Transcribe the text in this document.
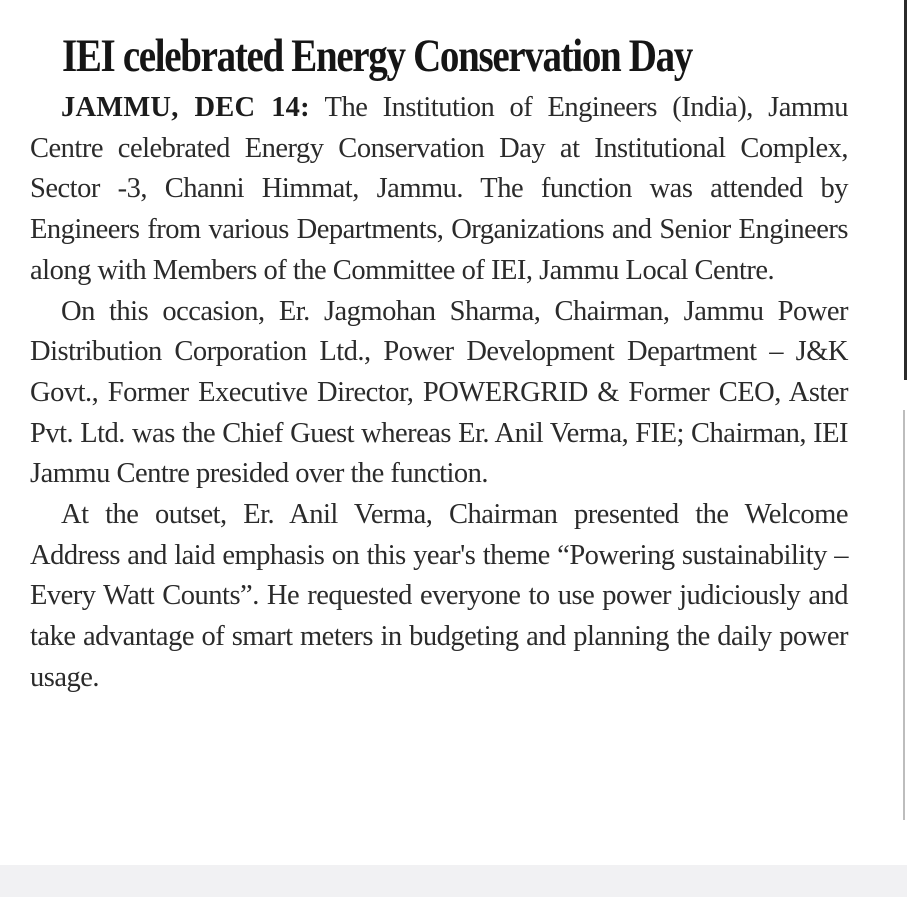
IEI celebrated Energy Conservation Day

JAMMU, DEC 14: The Institution of Engineers (India), Jammu Centre celebrated Energy Conservation Day at Institutional Complex, Sector -3, Channi Himmat, Jammu. The function was attended by Engineers from various Departments, Organizations and Senior Engineers along with Members of the Committee of IEI, Jammu Local Centre.

On this occasion, Er. Jagmohan Sharma, Chairman, Jammu Power Distribution Corporation Ltd., Power Development Department – J&K Govt., Former Executive Director, POWERGRID & Former CEO, Aster Pvt. Ltd. was the Chief Guest whereas Er. Anil Verma, FIE; Chairman, IEI Jammu Centre presided over the function.

At the outset, Er. Anil Verma, Chairman presented the Welcome Address and laid emphasis on this year's theme “Powering sustainability – Every Watt Counts”. He requested everyone to use power judiciously and take advantage of smart meters in budgeting and planning the daily power usage.
